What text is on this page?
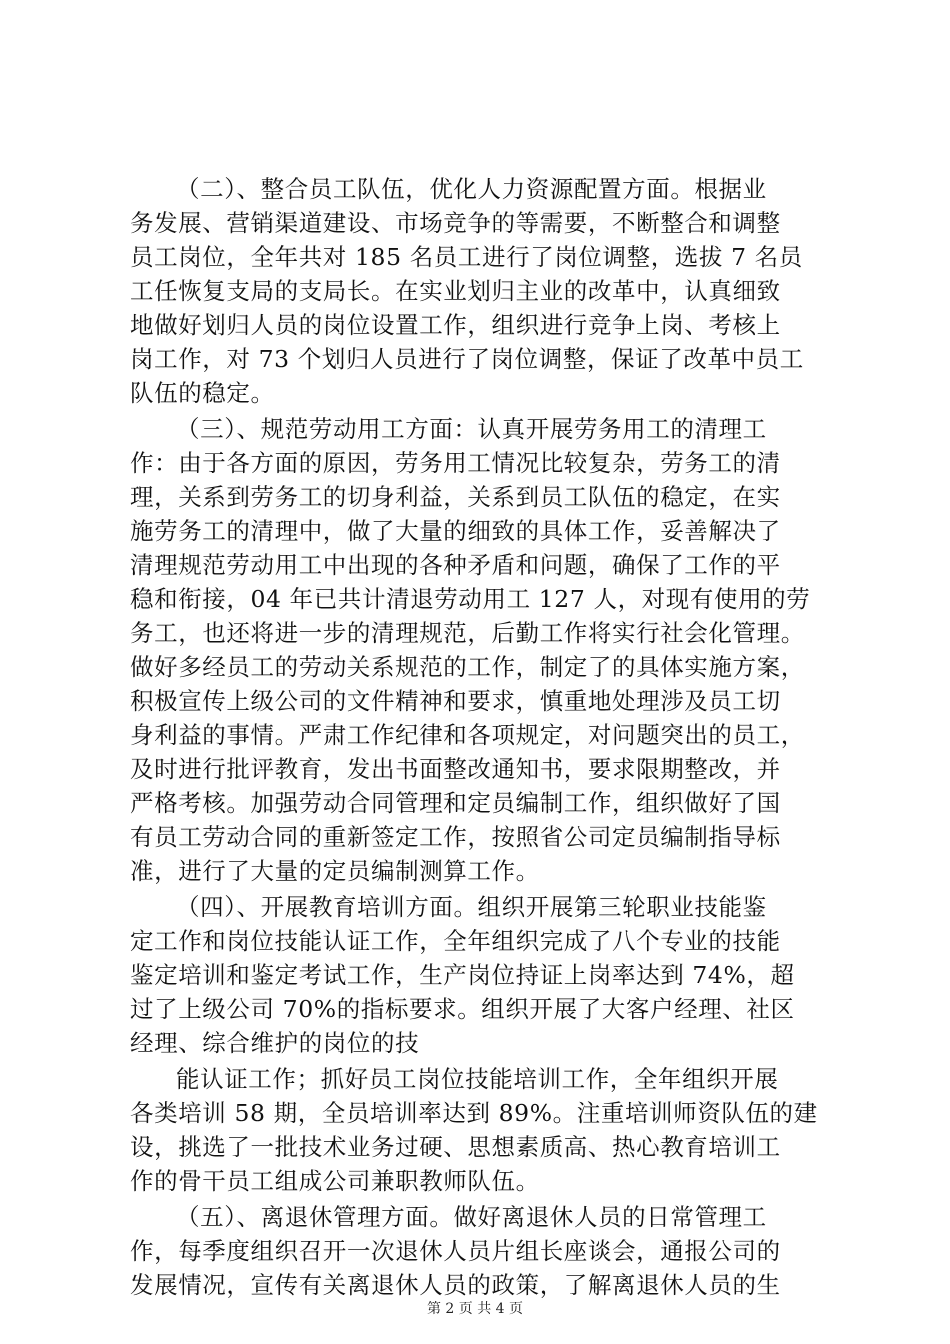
（二）、整合员工队伍，优化人力资源配置方面。根据业
务发展、营销渠道建设、市场竞争的等需要，不断整合和调整
员工岗位，全年共对 185 名员工进行了岗位调整，选拔 7 名员
工任恢复支局的支局长。在实业划归主业的改革中，认真细致
地做好划归人员的岗位设置工作，组织进行竞争上岗、考核上
岗工作，对 73 个划归人员进行了岗位调整，保证了改革中员工
队伍的稳定。
（三）、规范劳动用工方面：认真开展劳务用工的清理工
作：由于各方面的原因，劳务用工情况比较复杂，劳务工的清
理，关系到劳务工的切身利益，关系到员工队伍的稳定，在实
施劳务工的清理中，做了大量的细致的具体工作，妥善解决了
清理规范劳动用工中出现的各种矛盾和问题，确保了工作的平
稳和衔接，04 年已共计清退劳动用工 127 人，对现有使用的劳
务工，也还将进一步的清理规范，后勤工作将实行社会化管理。
做好多经员工的劳动关系规范的工作，制定了的具体实施方案，
积极宣传上级公司的文件精神和要求，慎重地处理涉及员工切
身利益的事情。严肃工作纪律和各项规定，对问题突出的员工，
及时进行批评教育，发出书面整改通知书，要求限期整改，并
严格考核。加强劳动合同管理和定员编制工作，组织做好了国
有员工劳动合同的重新签定工作，按照省公司定员编制指导标
准，进行了大量的定员编制测算工作。
（四）、开展教育培训方面。组织开展第三轮职业技能鉴
定工作和岗位技能认证工作，全年组织完成了八个专业的技能
鉴定培训和鉴定考试工作，生产岗位持证上岗率达到 74%，超
过了上级公司 70%的指标要求。组织开展了大客户经理、社区
经理、综合维护的岗位的技
能认证工作；抓好员工岗位技能培训工作，全年组织开展
各类培训 58 期，全员培训率达到 89%。注重培训师资队伍的建
设，挑选了一批技术业务过硬、思想素质高、热心教育培训工
作的骨干员工组成公司兼职教师队伍。
（五）、离退休管理方面。做好离退休人员的日常管理工
作，每季度组织召开一次退休人员片组长座谈会，通报公司的
发展情况，宣传有关离退休人员的政策，了解离退休人员的生
第 2 页 共 4 页
